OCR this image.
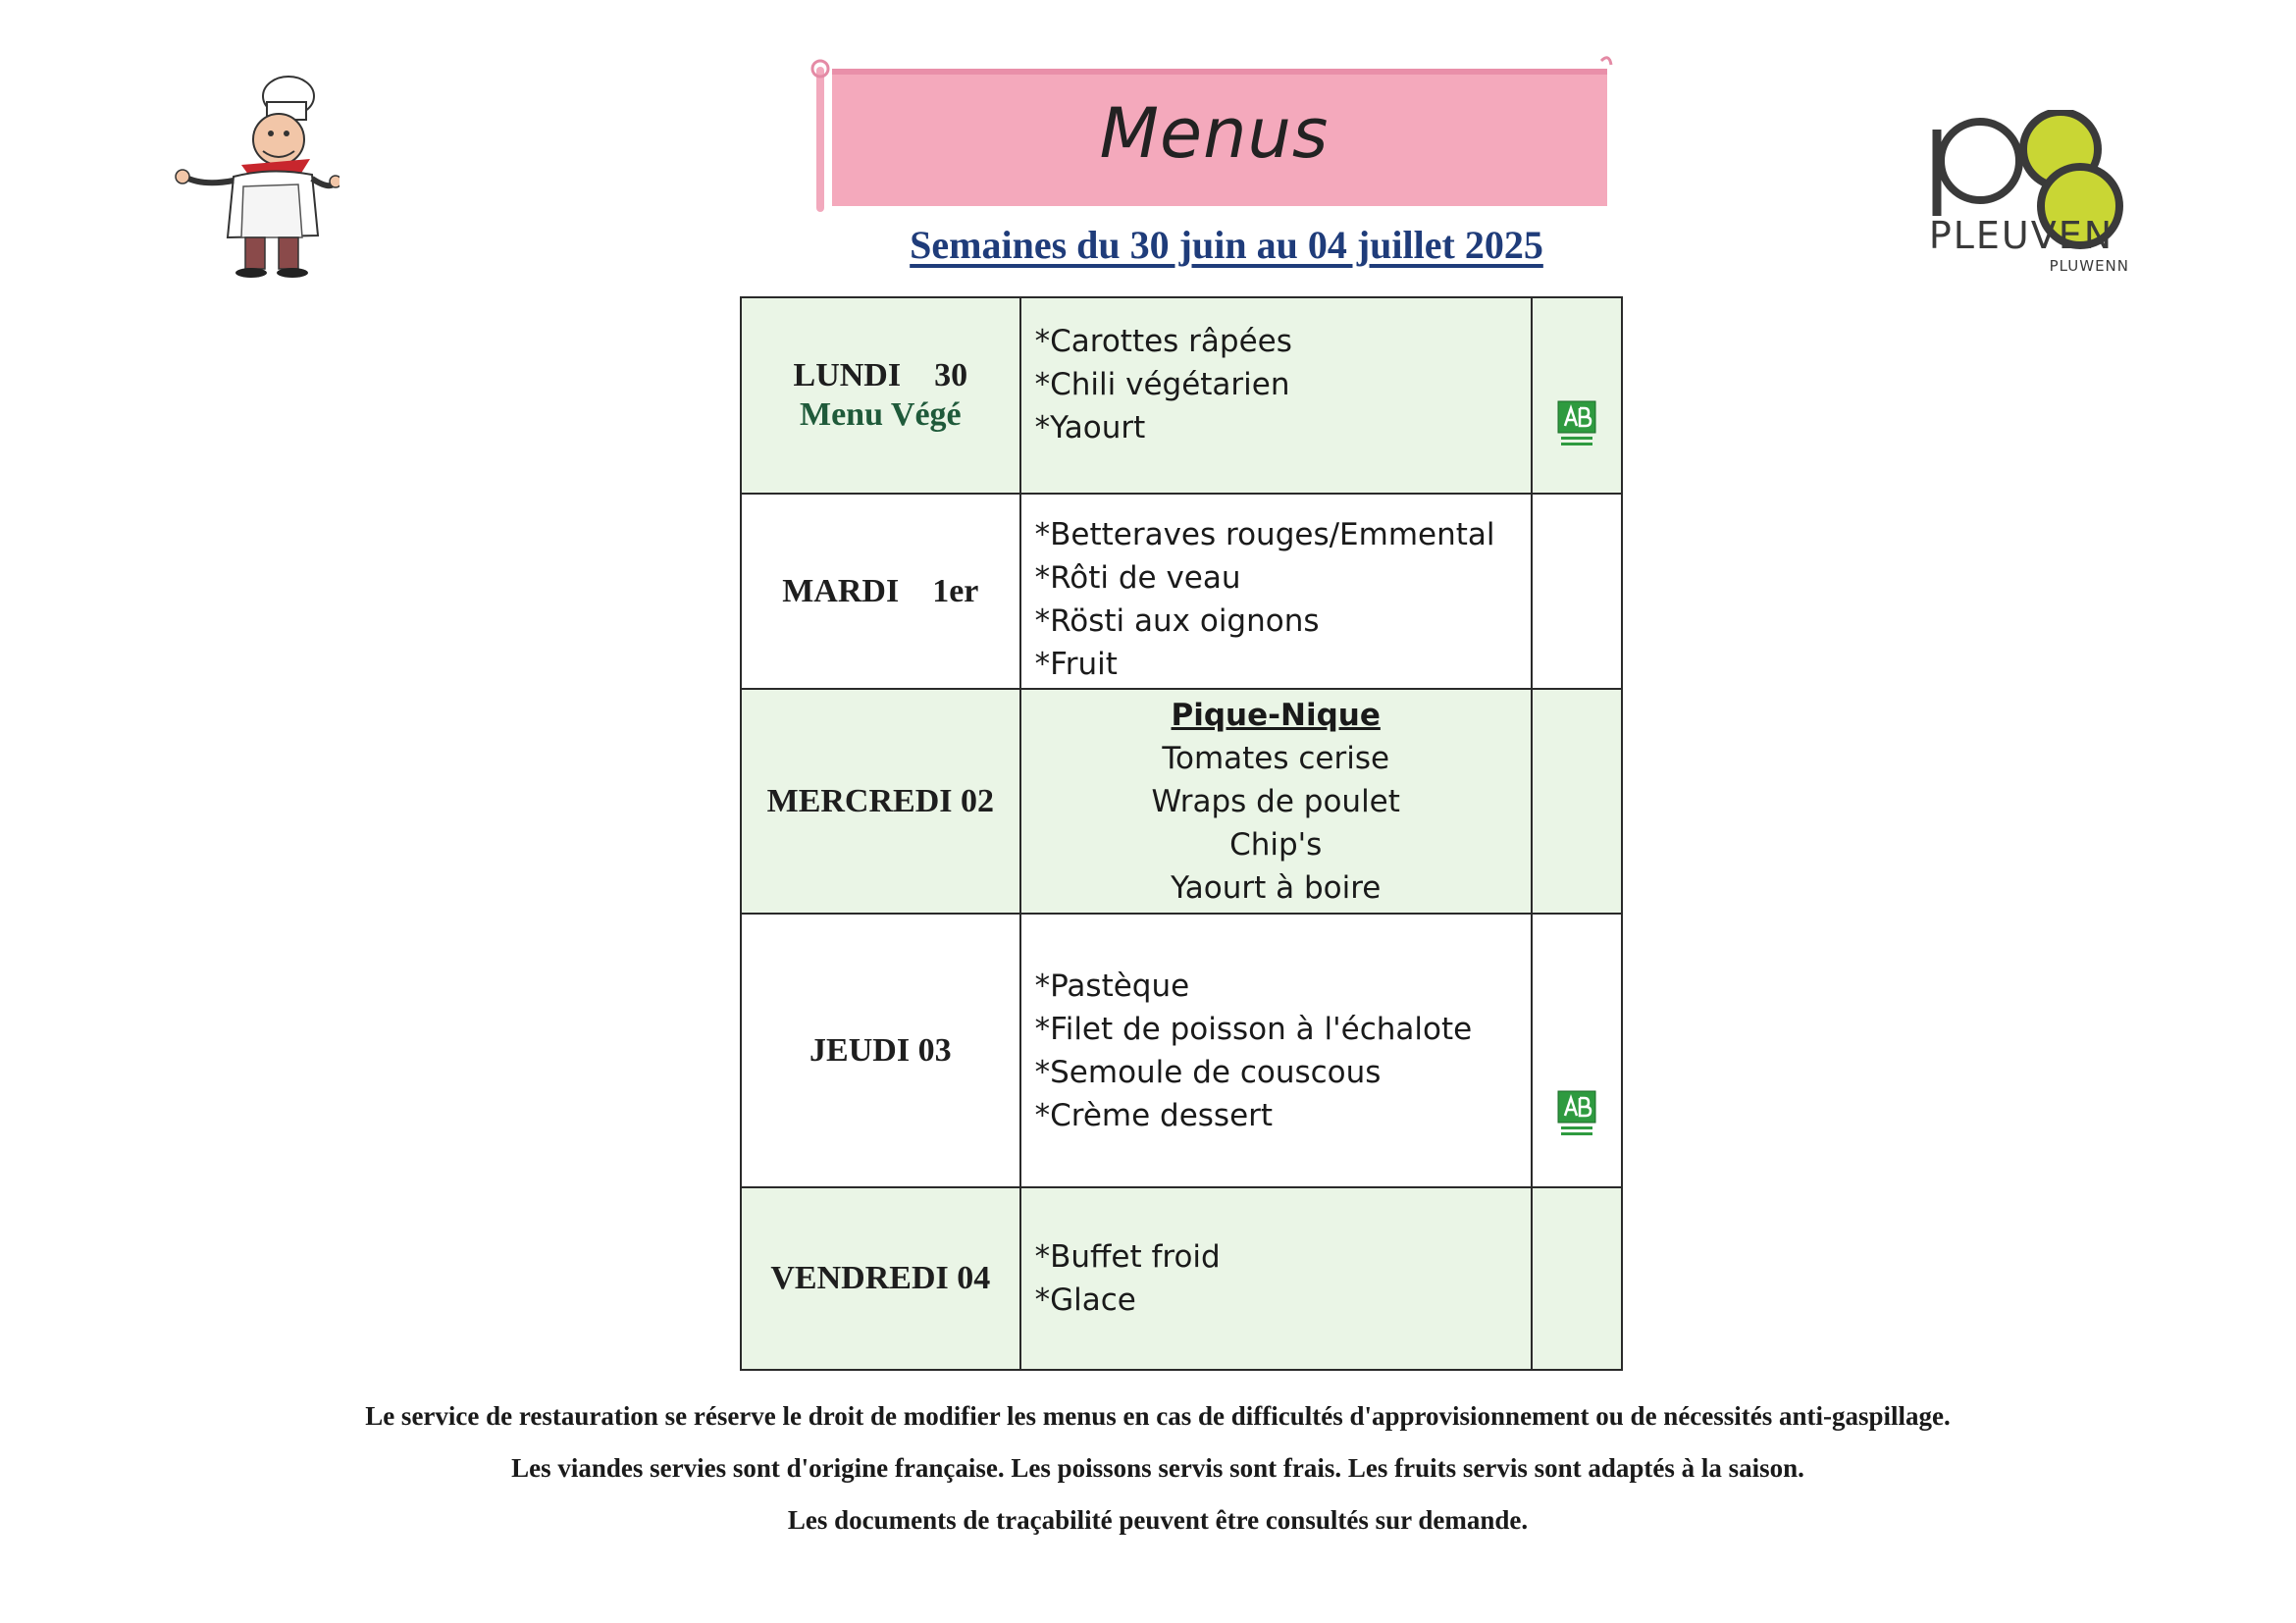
Menus
Semaines du 30 juin au 04 juillet 2025	PLEUVEN
PLUWENN
LUNDI    30
Menu Végé	*Carottes râpées
*Chili végétarien
*Yaourt

MARDI    1er	*Betteraves rouges/Emmental
*Rôti de veau
*Rösti aux oignons
*Fruit	

MERCREDI 02	Pique-Nique
Tomates cerise
Wraps de poulet
Chip's
Yaourt à boire	

JEUDI 03	*Pastèque
*Filet de poisson à l'échalote
*Semoule de couscous
*Crème dessert

VENDREDI 04	*Buffet froid
*Glace	

Le service de restauration se réserve le droit de modifier les menus en cas de difficultés d'approvisionnement ou de nécessités anti-gaspillage.

Les viandes servies sont d'origine française. Les poissons servis sont frais. Les fruits servis sont adaptés à la saison.

Les documents de traçabilité peuvent être consultés sur demande.
